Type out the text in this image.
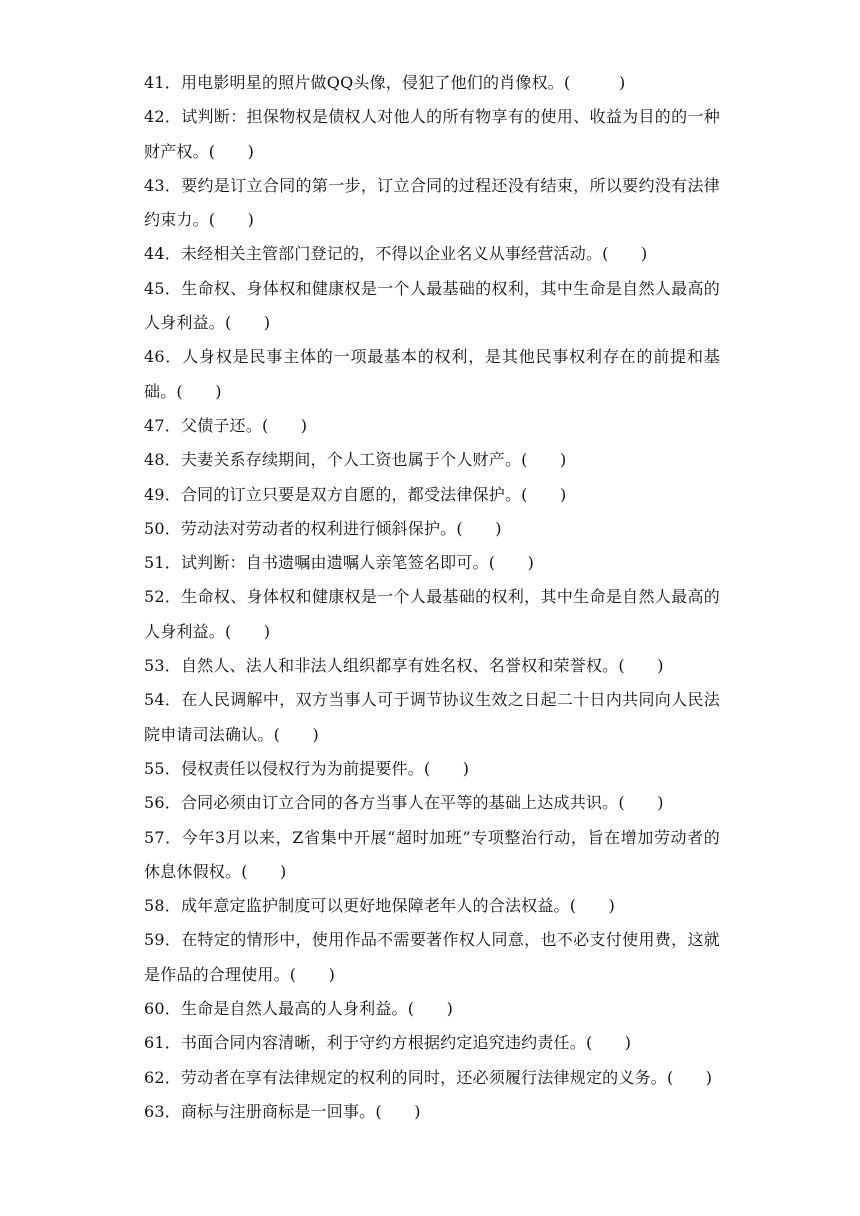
41．用电影明星的照片做QQ头像，侵犯了他们的肖像权。(　　　)

42．试判断：担保物权是债权人对他人的所有物享有的使用、收益为目的的一种财产权。(　　)

43．要约是订立合同的第一步，订立合同的过程还没有结束，所以要约没有法律约束力。(　　)

44．未经相关主管部门登记的，不得以企业名义从事经营活动。(　　)

45．生命权、身体权和健康权是一个人最基础的权利，其中生命是自然人最高的人身利益。(　　)

46．人身权是民事主体的一项最基本的权利，是其他民事权利存在的前提和基础。(　　)

47．父债子还。(　　)

48．夫妻关系存续期间，个人工资也属于个人财产。(　　)

49．合同的订立只要是双方自愿的，都受法律保护。(　　)

50．劳动法对劳动者的权利进行倾斜保护。(　　)

51．试判断：自书遗嘱由遗嘱人亲笔签名即可。(　　)

52．生命权、身体权和健康权是一个人最基础的权利，其中生命是自然人最高的人身利益。(　　)

53．自然人、法人和非法人组织都享有姓名权、名誉权和荣誉权。(　　)

54．在人民调解中，双方当事人可于调节协议生效之日起二十日内共同向人民法院申请司法确认。(　　)

55．侵权责任以侵权行为为前提要件。(　　)

56．合同必须由订立合同的各方当事人在平等的基础上达成共识。(　　)

57．今年3月以来，Z省集中开展“超时加班”专项整治行动，旨在增加劳动者的休息休假权。(　　)

58．成年意定监护制度可以更好地保障老年人的合法权益。(　　)

59．在特定的情形中，使用作品不需要著作权人同意，也不必支付使用费，这就是作品的合理使用。(　　)

60．生命是自然人最高的人身利益。(　　)

61．书面合同内容清晰，利于守约方根据约定追究违约责任。(　　)

62．劳动者在享有法律规定的权利的同时，还必须履行法律规定的义务。(　　)

63．商标与注册商标是一回事。(　　)
